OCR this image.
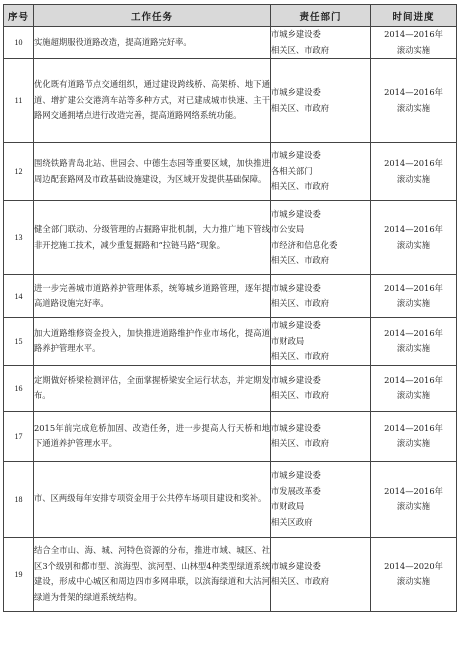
序号	工作任务	责任部门	时间进度
10	实施超期服役道路改造，提高道路完好率。	市城乡建设委
相关区、市政府	2014—2016年
滚动实施

11	优化既有道路节点交通组织，通过建设跨线桥、高架桥、地下通道、增扩建公交港湾车站等多种方式，对已建成城市快速、主干路网交通拥堵点进行改造完善，提高道路网络系统功能。	市城乡建设委
相关区、市政府	2014—2016年
滚动实施

12	围绕铁路青岛北站、世园会、中德生态园等重要区域，加快推进周边配套路网及市政基础设施建设，为区域开发提供基础保障。	市城乡建设委
各相关部门
相关区、市政府	2014—2016年
滚动实施

13	健全部门联动、分级管理的占掘路审批机制，大力推广地下管线非开挖施工技术，减少重复掘路和“拉链马路”现象。	市城乡建设委
市公安局
市经济和信息化委
相关区、市政府	2014—2016年
滚动实施

14	进一步完善城市道路养护管理体系，统筹城乡道路管理，逐年提高道路设施完好率。	市城乡建设委
相关区、市政府	2014—2016年
滚动实施

15	加大道路维修资金投入，加快推进道路维护作业市场化，提高道路养护管理水平。	市城乡建设委
市财政局
相关区、市政府	2014—2016年
滚动实施

16	定期做好桥梁检测评估，全面掌握桥梁安全运行状态，并定期发布。	市城乡建设委
相关区、市政府	2014—2016年
滚动实施

17	2015年前完成危桥加固、改造任务，进一步提高人行天桥和地下通道养护管理水平。	市城乡建设委
相关区、市政府	2014—2016年
滚动实施

18	市、区两级每年安排专项资金用于公共停车场项目建设和奖补。	市城乡建设委
市发展改革委
市财政局
相关区政府	2014—2016年
滚动实施

19	结合全市山、海、城、河特色资源的分布，推进市域、城区、社区3个级别和都市型、滨海型、滨河型、山林型4种类型绿道系统建设，形成中心城区和周边四市多网串联，以滨海绿道和大沽河绿道为骨架的绿道系统结构。	市城乡建设委
相关区、市政府	2014—2020年
滚动实施
